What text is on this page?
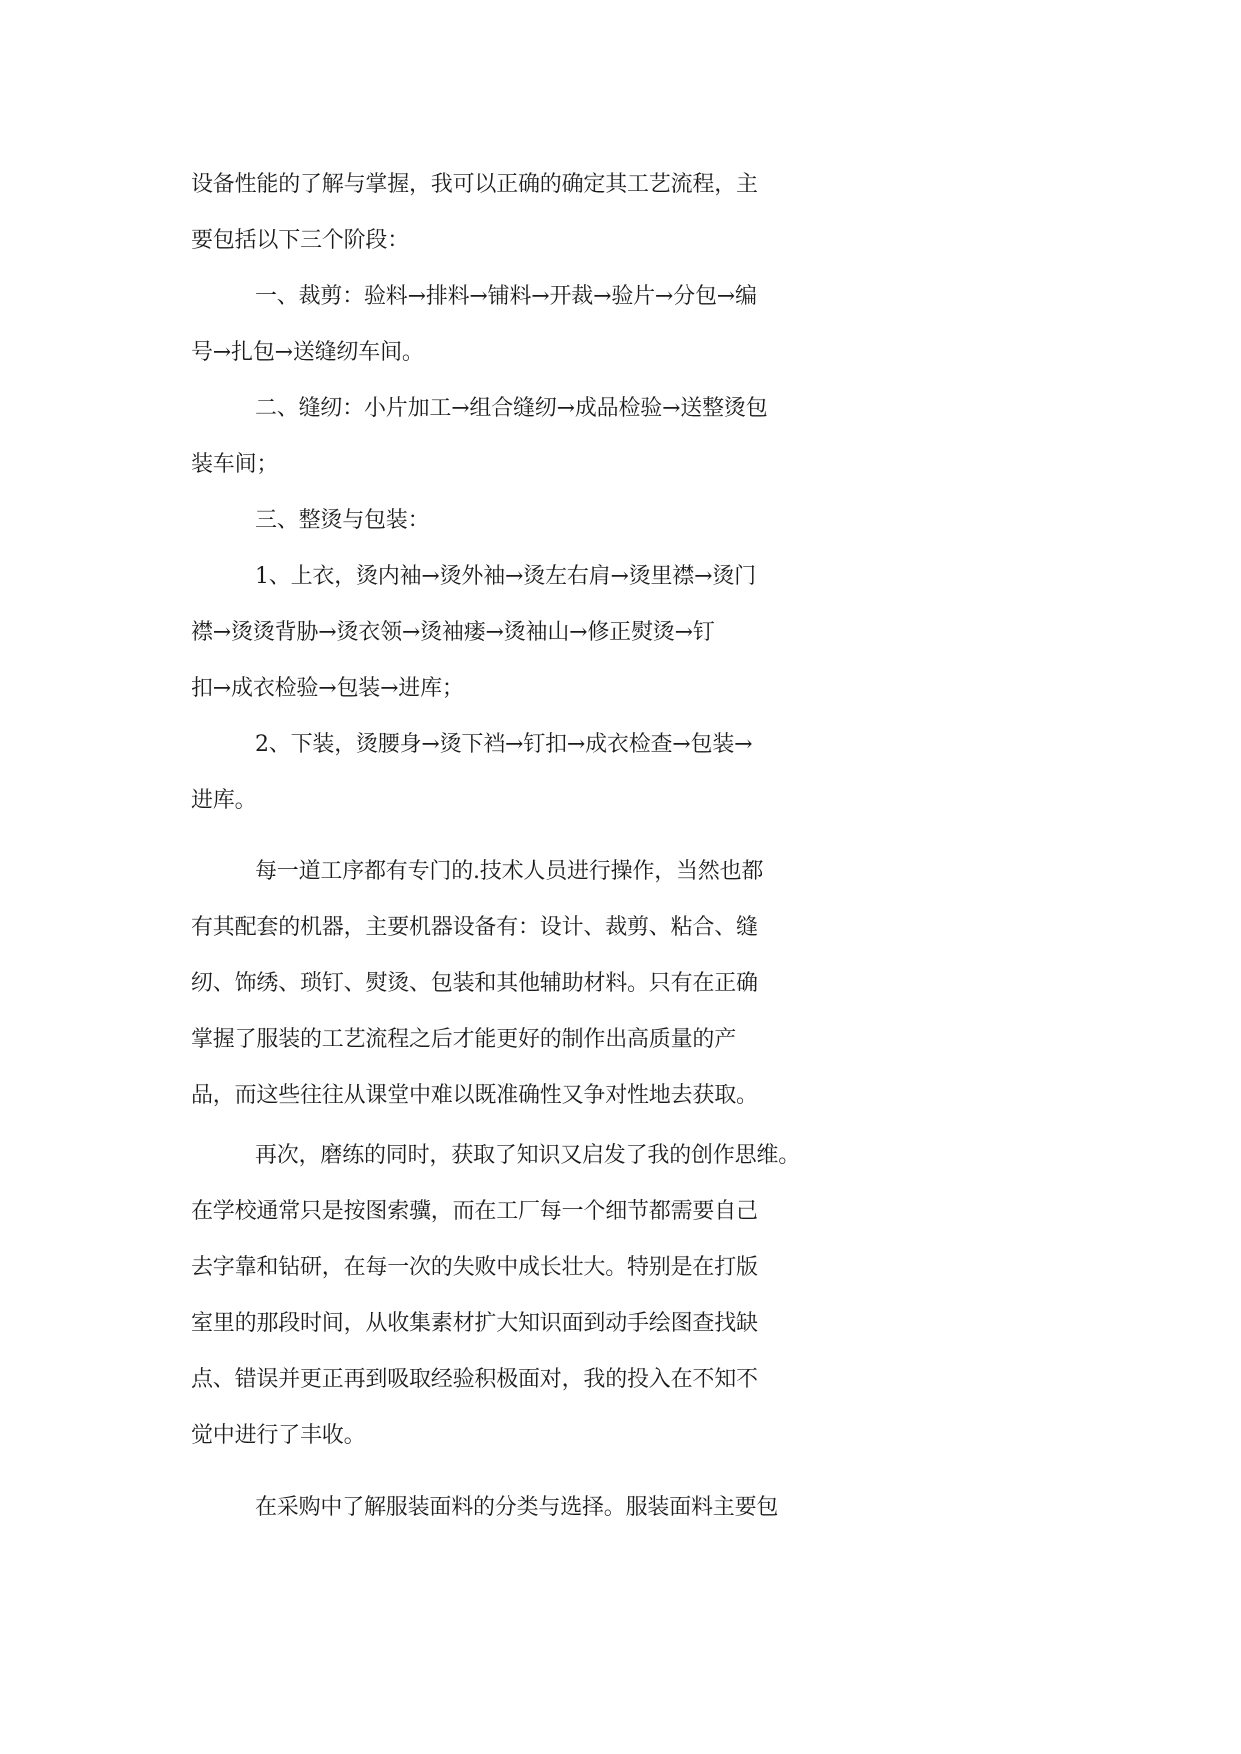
设备性能的了解与掌握，我可以正确的确定其工艺流程，主
要包括以下三个阶段：
一、裁剪：验料→排料→铺料→开裁→验片→分包→编
号→扎包→送缝纫车间。
二、缝纫：小片加工→组合缝纫→成品检验→送整烫包
装车间；
三、整烫与包装：
1、上衣，烫内袖→烫外袖→烫左右肩→烫里襟→烫门
襟→烫烫背胁→烫衣领→烫袖瘘→烫袖山→修正熨烫→钉
扣→成衣检验→包装→进库；
2、下装，烫腰身→烫下裆→钉扣→成衣检查→包装→
进库。
每一道工序都有专门的.技术人员进行操作，当然也都
有其配套的机器，主要机器设备有：设计、裁剪、粘合、缝
纫、饰绣、琐钉、熨烫、包装和其他辅助材料。只有在正确
掌握了服装的工艺流程之后才能更好的制作出高质量的产
品，而这些往往从课堂中难以既准确性又争对性地去获取。
再次，磨练的同时，获取了知识又启发了我的创作思维。
在学校通常只是按图索骥，而在工厂每一个细节都需要自己
去字靠和钻研，在每一次的失败中成长壮大。特别是在打版
室里的那段时间，从收集素材扩大知识面到动手绘图查找缺
点、错误并更正再到吸取经验积极面对，我的投入在不知不
觉中进行了丰收。
在采购中了解服装面料的分类与选择。服装面料主要包
